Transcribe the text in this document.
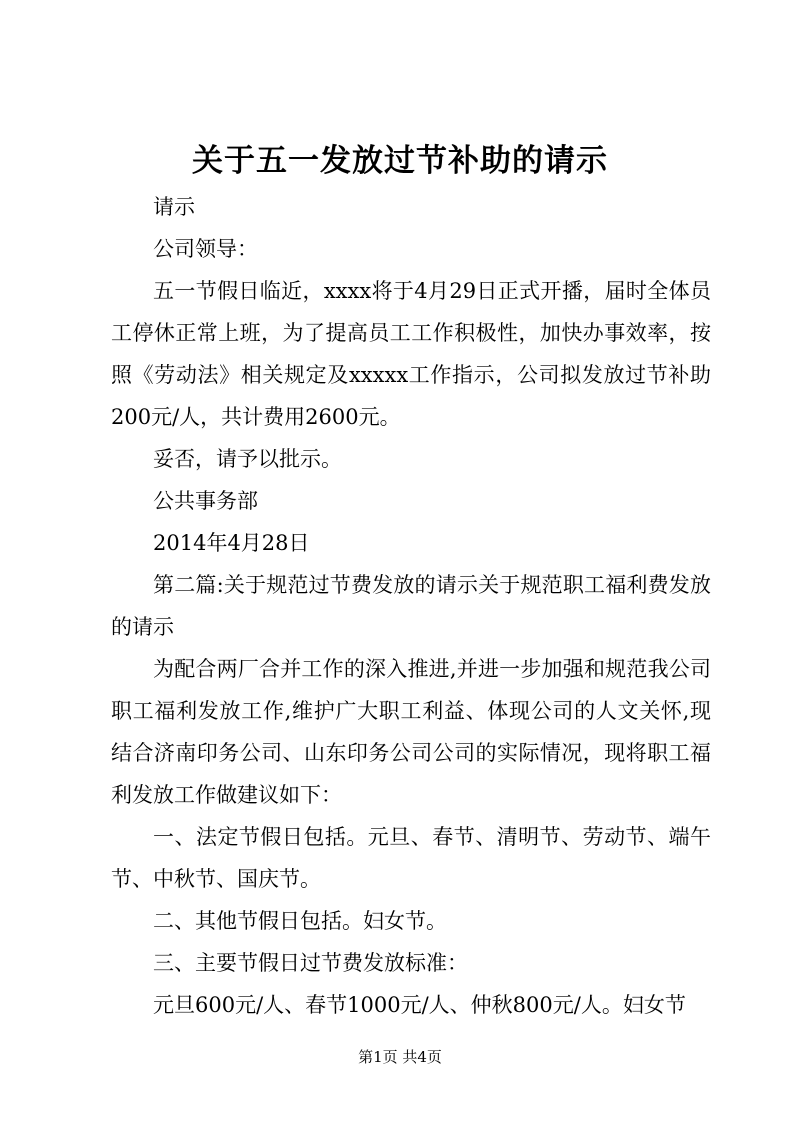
关于五一发放过节补助的请示

请示

公司领导：

五一节假日临近，xxxx将于4月29日正式开播，届时全体员工停休正常上班，为了提高员工工作积极性，加快办事效率，按照《劳动法》相关规定及xxxxx工作指示，公司拟发放过节补助200元/人，共计费用2600元。

妥否，请予以批示。

公共事务部

2014年4月28日

第二篇:关于规范过节费发放的请示关于规范职工福利费发放的请示

为配合两厂合并工作的深入推进,并进一步加强和规范我公司职工福利发放工作,维护广大职工利益、体现公司的人文关怀,现结合济南印务公司、山东印务公司公司的实际情况，现将职工福利发放工作做建议如下：

一、法定节假日包括。元旦、春节、清明节、劳动节、端午节、中秋节、国庆节。

二、其他节假日包括。妇女节。

三、主要节假日过节费发放标准：

元旦600元/人、春节1000元/人、仲秋800元/人。妇女节

第1页 共4页
